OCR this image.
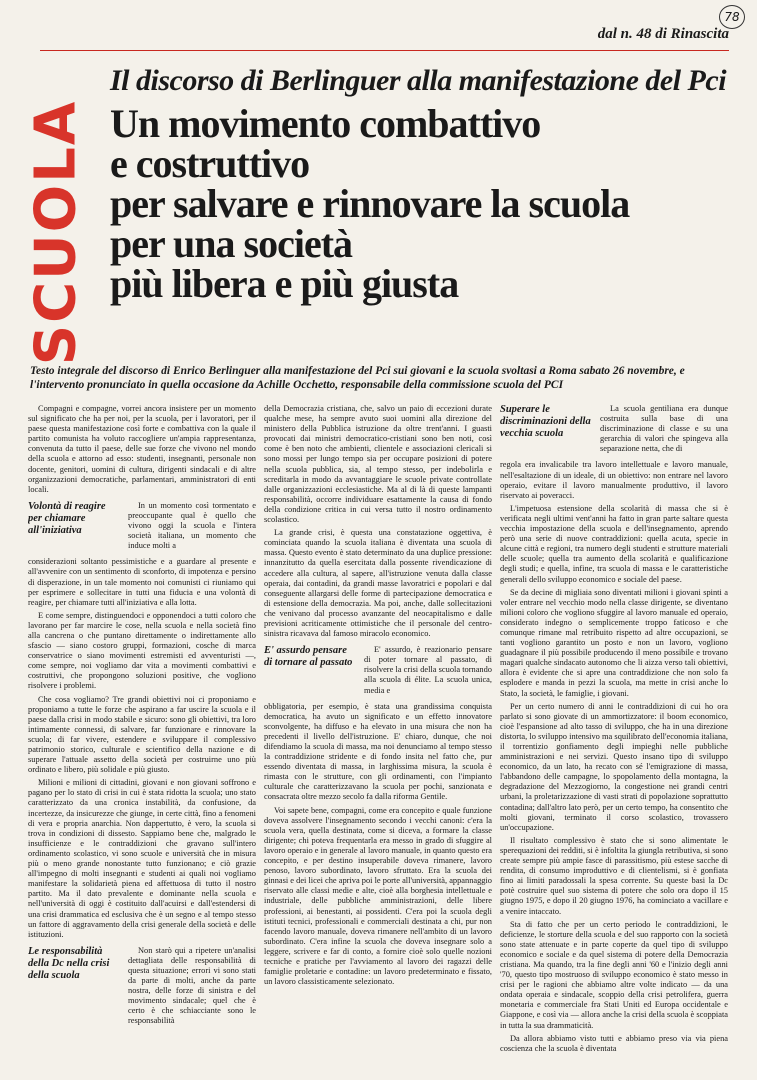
78
dal n. 48 di Rinascita
SCUOLA
Il discorso di Berlinguer alla manifestazione del Pci
Un movimento combattivo
e costruttivo
per salvare e rinnovare la scuola
per una società
più libera e più giusta
Testo integrale del discorso di Enrico Berlinguer alla manifestazione del Pci sui giovani e la scuola svoltasi a Roma sabato 26 novembre, e l'intervento pronunciato in quella occasione da Achille Occhetto, responsabile della commissione scuola del PCI

Compagni e compagne, vorrei ancora insistere per un momento sul significato che ha per noi, per la scuola, per i lavoratori, per il paese questa manifestazione così forte e combattiva con la quale il partito comunista ha voluto raccogliere un'ampia rappresentanza, convenuta da tutto il paese, delle sue forze che vivono nel mondo della scuola e attorno ad esso: studenti, insegnanti, personale non docente, genitori, uomini di cultura, dirigenti sindacali e di altre organizzazioni democratiche, parlamentari, amministratori di enti locali.

Volontà di reagire per chiamare all'iniziativa

In un momento così tormentato e preoccupante qual è quello che vivono oggi la scuola e l'intera società italiana, un momento che induce molti a

considerazioni soltanto pessimistiche e a guardare al presente e all'avvenire con un sentimento di sconforto, di impotenza e persino di disperazione, in un tale momento noi comunisti ci riuniamo qui per esprimere e sollecitare in tutti una fiducia e una volontà di reagire, per chiamare tutti all'iniziativa e alla lotta.

E come sempre, distinguendoci e opponendoci a tutti coloro che lavorano per far marcire le cose, nella scuola e nella società fino alla cancrena o che puntano direttamente o indirettamente allo sfascio — siano costoro gruppi, formazioni, cosche di marca conservatrice o siano movimenti estremisti ed avventuristi —, come sempre, noi vogliamo dar vita a movimenti combattivi e costruttivi, che propongono soluzioni positive, che vogliono risolvere i problemi.

Che cosa vogliamo? Tre grandi obiettivi noi ci proponiamo e proponiamo a tutte le forze che aspirano a far uscire la scuola e il paese dalla crisi in modo stabile e sicuro: sono gli obiettivi, tra loro intimamente connessi, di salvare, far funzionare e rinnovare la scuola; di far vivere, estendere e sviluppare il complessivo patrimonio storico, culturale e scientifico della nazione e di superare l'attuale assetto della società per costruirne uno più ordinato e libero, più solidale e più giusto.

Milioni e milioni di cittadini, giovani e non giovani soffrono e pagano per lo stato di crisi in cui è stata ridotta la scuola; uno stato caratterizzato da una cronica instabilità, da confusione, da incertezze, da insicurezze che giunge, in certe città, fino a fenomeni di vera e propria anarchia. Non dappertutto, è vero, la scuola si trova in condizioni di dissesto. Sappiamo bene che, malgrado le insufficienze e le contraddizioni che gravano sull'intero ordinamento scolastico, vi sono scuole e università che in misura più o meno grande nonostante tutto funzionano; e ciò grazie all'impegno di molti insegnanti e studenti ai quali noi vogliamo manifestare la solidarietà piena ed affettuosa di tutto il nostro partito. Ma il dato prevalente e dominante nella scuola e nell'università di oggi è costituito dall'acuirsi e dall'estendersi di una crisi drammatica ed esclusiva che è un segno e al tempo stesso un fattore di aggravamento della crisi generale della società e delle istituzioni.

Le responsabilità della Dc nella crisi della scuola

Non starò qui a ripetere un'analisi dettagliata delle responsabilità di questa situazione; errori vi sono stati da parte di molti, anche da parte nostra, delle forze di sinistra e del movimento sindacale; quel che è certo è che schiacciante sono le responsabilità

della Democrazia cristiana, che, salvo un paio di eccezioni durate qualche mese, ha sempre avuto suoi uomini alla direzione del ministero della Pubblica istruzione da oltre trent'anni. I guasti provocati dai ministri democratico-cristiani sono ben noti, così come è ben noto che ambienti, clientele e associazioni clericali si sono mossi per lungo tempo sia per occupare posizioni di potere nella scuola pubblica, sia, al tempo stesso, per indebolirla e screditarla in modo da avvantaggiare le scuole private controllate dalle organizzazioni ecclesiastiche. Ma al di là di queste lampanti responsabilità, occorre individuare esattamente la causa di fondo della condizione critica in cui versa tutto il nostro ordinamento scolastico.

La grande crisi, è questa una constatazione oggettiva, è cominciata quando la scuola italiana è diventata una scuola di massa. Questo evento è stato determinato da una duplice pressione: innanzitutto da quella esercitata dalla possente rivendicazione di accedere alla cultura, al sapere, all'istruzione venuta dalla classe operaia, dai contadini, da grandi masse lavoratrici e popolari e dal conseguente allargarsi delle forme di partecipazione democratica e di estensione della democrazia. Ma poi, anche, dalle sollecitazioni che venivano dal processo avanzante del neocapitalismo e dalle previsioni acriticamente ottimistiche che il personale del centro-sinistra ricavava dal famoso miracolo economico.

E' assurdo pensare di tornare al passato

E' assurdo, è reazionario pensare di poter tornare al passato, di risolvere la crisi della scuola tornando alla scuola di élite. La scuola unica, media e

obbligatoria, per esempio, è stata una grandissima conquista democratica, ha avuto un significato e un effetto innovatore sconvolgente, ha diffuso e ha elevato in una misura che non ha precedenti il livello dell'istruzione. E' chiaro, dunque, che noi difendiamo la scuola di massa, ma noi denunciamo al tempo stesso la contraddizione stridente e di fondo insita nel fatto che, pur essendo diventata di massa, in larghissima misura, la scuola è rimasta con le strutture, con gli ordinamenti, con l'impianto culturale che caratterizzavano la scuola per pochi, sanzionata e consacrata oltre mezzo secolo fa dalla riforma Gentile.

Voi sapete bene, compagni, come era concepito e quale funzione doveva assolvere l'insegnamento secondo i vecchi canoni: c'era la scuola vera, quella destinata, come si diceva, a formare la classe dirigente; chi poteva frequentarla era messo in grado di sfuggire al lavoro operaio e in generale al lavoro manuale, in quanto questo era concepito, e per destino insuperabile doveva rimanere, lavoro penoso, lavoro subordinato, lavoro sfruttato. Era la scuola dei ginnasi e dei licei che apriva poi le porte all'università, appannaggio riservato alle classi medie e alte, cioè alla borghesia intellettuale e industriale, delle pubbliche amministrazioni, delle libere professioni, ai benestanti, ai possidenti. C'era poi la scuola degli istituti tecnici, professionali e commerciali destinata a chi, pur non facendo lavoro manuale, doveva rimanere nell'ambito di un lavoro subordinato. C'era infine la scuola che doveva insegnare solo a leggere, scrivere e far di conto, a fornire cioè solo quelle nozioni tecniche e pratiche per l'avviamento al lavoro dei ragazzi delle famiglie proletarie e contadine: un lavoro predeterminato e fissato, un lavoro classisticamente selezionato.

Superare le discriminazioni della vecchia scuola

La scuola gentiliana era dunque costruita sulla base di una discriminazione di classe e su una gerarchia di valori che spingeva alla separazione netta, che di

regola era invalicabile tra lavoro intellettuale e lavoro manuale, nell'esaltazione di un ideale, di un obiettivo: non entrare nel lavoro operaio, evitare il lavoro manualmente produttivo, il lavoro riservato ai poveracci.

L'impetuosa estensione della scolarità di massa che si è verificata negli ultimi vent'anni ha fatto in gran parte saltare questa vecchia impostazione della scuola e dell'insegnamento, aprendo però una serie di nuove contraddizioni: quella acuta, specie in alcune città e regioni, tra numero degli studenti e strutture materiali delle scuole; quella tra aumento della scolarità e qualificazione degli studi; e quella, infine, tra scuola di massa e le caratteristiche generali dello sviluppo economico e sociale del paese.

Se da decine di migliaia sono diventati milioni i giovani spinti a voler entrare nel vecchio modo nella classe dirigente, se diventano milioni coloro che vogliono sfuggire al lavoro manuale ed operaio, considerato indegno o semplicemente troppo faticoso e che comunque rimane mal retribuito rispetto ad altre occupazioni, se tanti vogliono garantito un posto e non un lavoro, vogliono guadagnare il più possibile producendo il meno possibile e trovano magari qualche sindacato autonomo che li aizza verso tali obiettivi, allora è evidente che si apre una contraddizione che non solo fa esplodere e manda in pezzi la scuola, ma mette in crisi anche lo Stato, la società, le famiglie, i giovani.

Per un certo numero di anni le contraddizioni di cui ho ora parlato si sono giovate di un ammortizzatore: il boom economico, cioè l'espansione ad alto tasso di sviluppo, che ha in una direzione distorta, lo sviluppo intensivo ma squilibrato dell'economia italiana, il torrentizio gonfiamento degli impieghi nelle pubbliche amministrazioni e nei servizi. Questo insano tipo di sviluppo economico, da un lato, ha recato con sé l'emigrazione di massa, l'abbandono delle campagne, lo spopolamento della montagna, la degradazione del Mezzogiorno, la congestione nei grandi centri urbani, la proletarizzazione di vasti strati di popolazione soprattutto contadina; dall'altro lato però, per un certo tempo, ha consentito che molti giovani, terminato il corso scolastico, trovassero un'occupazione.

Il risultato complessivo è stato che si sono alimentate le sperequazioni dei redditi, si è infoltita la giungla retributiva, si sono create sempre più ampie fasce di parassitismo, più estese sacche di rendita, di consumo improduttivo e di clientelismi, si è gonfiata fino ai limiti paradossali la spesa corrente. Su queste basi la Dc potè costruire quel suo sistema di potere che solo ora dopo il 15 giugno 1975, e dopo il 20 giugno 1976, ha cominciato a vacillare e a venire intaccato.

Sta di fatto che per un certo periodo le contraddizioni, le deficienze, le storture della scuola e del suo rapporto con la società sono state attenuate e in parte coperte da quel tipo di sviluppo economico e sociale e da quel sistema di potere della Democrazia cristiana. Ma quando, tra la fine degli anni '60 e l'inizio degli anni '70, questo tipo mostruoso di sviluppo economico è stato messo in crisi per le ragioni che abbiamo altre volte indicato — da una ondata operaia e sindacale, scoppio della crisi petrolifera, guerra monetaria e commerciale fra Stati Uniti ed Europa occidentale e Giappone, e così via — allora anche la crisi della scuola è scoppiata in tutta la sua drammaticità.

Da allora abbiamo visto tutti e abbiamo preso via via piena coscienza che la scuola è diventata
